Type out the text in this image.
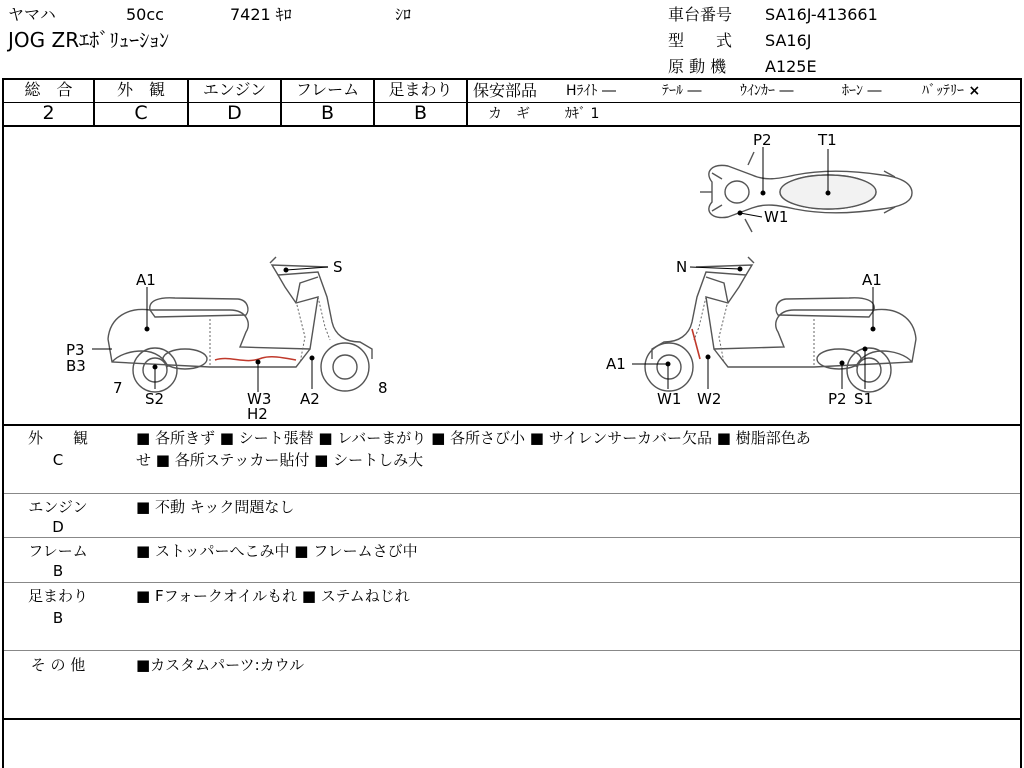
ヤマハ	50cc	7421 ｷﾛ	ｼﾛ
JOG ZRｴﾎﾞﾘｭｰｼｮﾝ
車台番号 SA16J-413661
型　　式 SA16J
原 動 機 A125E
総　合	外　観	エンジン	フレーム	足まわり
2	C	D	B	B
保安部品 Hﾗｲﾄ ―	ﾃｰﾙ ―	ｳｲﾝｶｰ ―	ﾎｰﾝ ―	ﾊﾞｯﾃﾘｰ ×
カ　ギ	ｶｷﾞ 1
A1
S
P3
B3
7
S2	W3
H2
A2
8
P2	T1
W1
N
A1
A1
W1 W2	P2 S1
外　　観
C
■ 各所きず ■ シート張替 ■ レバーまがり ■ 各所さび小 ■ サイレンサーカバー欠品 ■ 樹脂部色あ
せ ■ 各所ステッカー貼付 ■ シートしみ大
エンジン
D
■ 不動 キック問題なし
フレーム
B
■ ストッパーへこみ中 ■ フレームさび中
足まわり
B
■ Fフォークオイルもれ ■ ステムねじれ
そ の 他	■カスタムパーツ:カウル
